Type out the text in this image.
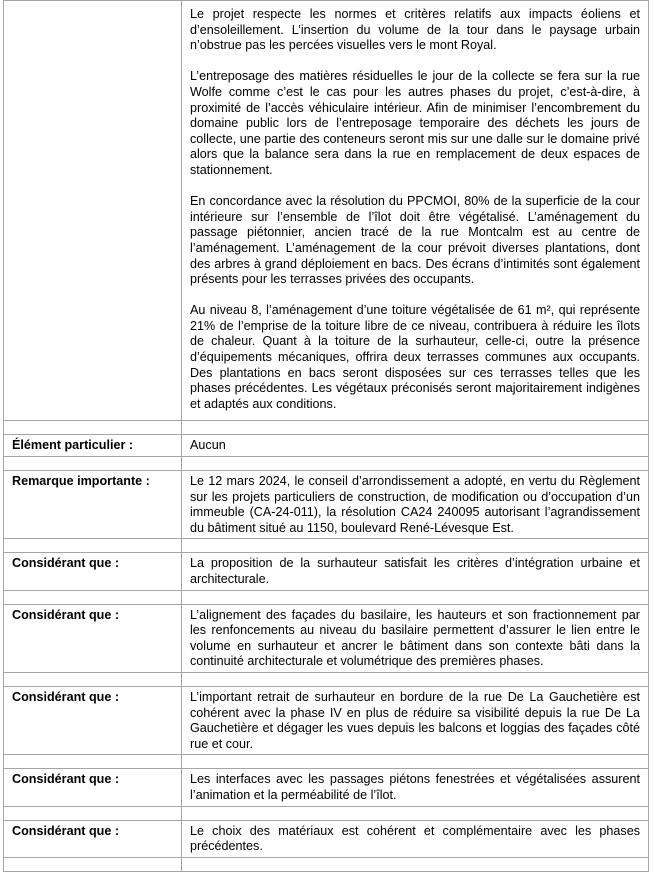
	Le projet respecte les normes et critères relatifs aux impacts éoliens et d’ensoleillement. L’insertion du volume de la tour dans le paysage urbain n’obstrue pas les percées visuelles vers le mont Royal.

L’entreposage des matières résiduelles le jour de la collecte se fera sur la rue Wolfe comme c’est le cas pour les autres phases du projet, c’est-à-dire, à proximité de l’accès véhiculaire intérieur. Afin de minimiser l’encombrement du domaine public lors de l’entreposage temporaire des déchets les jours de collecte, une partie des conteneurs seront mis sur une dalle sur le domaine privé alors que la balance sera dans la rue en remplacement de deux espaces de stationnement.

En concordance avec la résolution du PPCMOI, 80% de la superficie de la cour intérieure sur l’ensemble de l’îlot doit être végétalisé. L’aménagement du passage piétonnier, ancien tracé de la rue Montcalm est au centre de l’aménagement. L’aménagement de la cour prévoit diverses plantations, dont des arbres à grand déploiement en bacs. Des écrans d’intimités sont également présents pour les terrasses privées des occupants.

Au niveau 8, l’aménagement d’une toiture végétalisée de 61 m², qui représente 21% de l’emprise de la toiture libre de ce niveau, contribuera à réduire les îlots de chaleur. Quant à la toiture de la surhauteur, celle-ci, outre la présence d’équipements mécaniques, offrira deux terrasses communes aux occupants. Des plantations en bacs seront disposées sur ces terrasses telles que les phases précédentes. Les végétaux préconisés seront majoritairement indigènes et adaptés aux conditions.

Élément particulier :	Aucun

Remarque importante :	Le 12 mars 2024, le conseil d’arrondissement a adopté, en vertu du Règlement sur les projets particuliers de construction, de modification ou d’occupation d’un immeuble (CA-24-011), la résolution CA24 240095 autorisant l’agrandissement du bâtiment situé au 1150, boulevard René-Lévesque Est.

Considérant que :	La proposition de la surhauteur satisfait les critères d’intégration urbaine et architecturale.

Considérant que :	L’alignement des façades du basilaire, les hauteurs et son fractionnement par les renfoncements au niveau du basilaire permettent d’assurer le lien entre le volume en surhauteur et ancrer le bâtiment dans son contexte bâti dans la continuité architecturale et volumétrique des premières phases.

Considérant que :	L’important retrait de surhauteur en bordure de la rue De La Gauchetière est cohérent avec la phase IV en plus de réduire sa visibilité depuis la rue De La Gauchetière et dégager les vues depuis les balcons et loggias des façades côté rue et cour.

Considérant que :	Les interfaces avec les passages piétons fenestrées et végétalisées assurent l’animation et la perméabilité de l’îlot.

Considérant que :	Le choix des matériaux est cohérent et complémentaire avec les phases précédentes.
